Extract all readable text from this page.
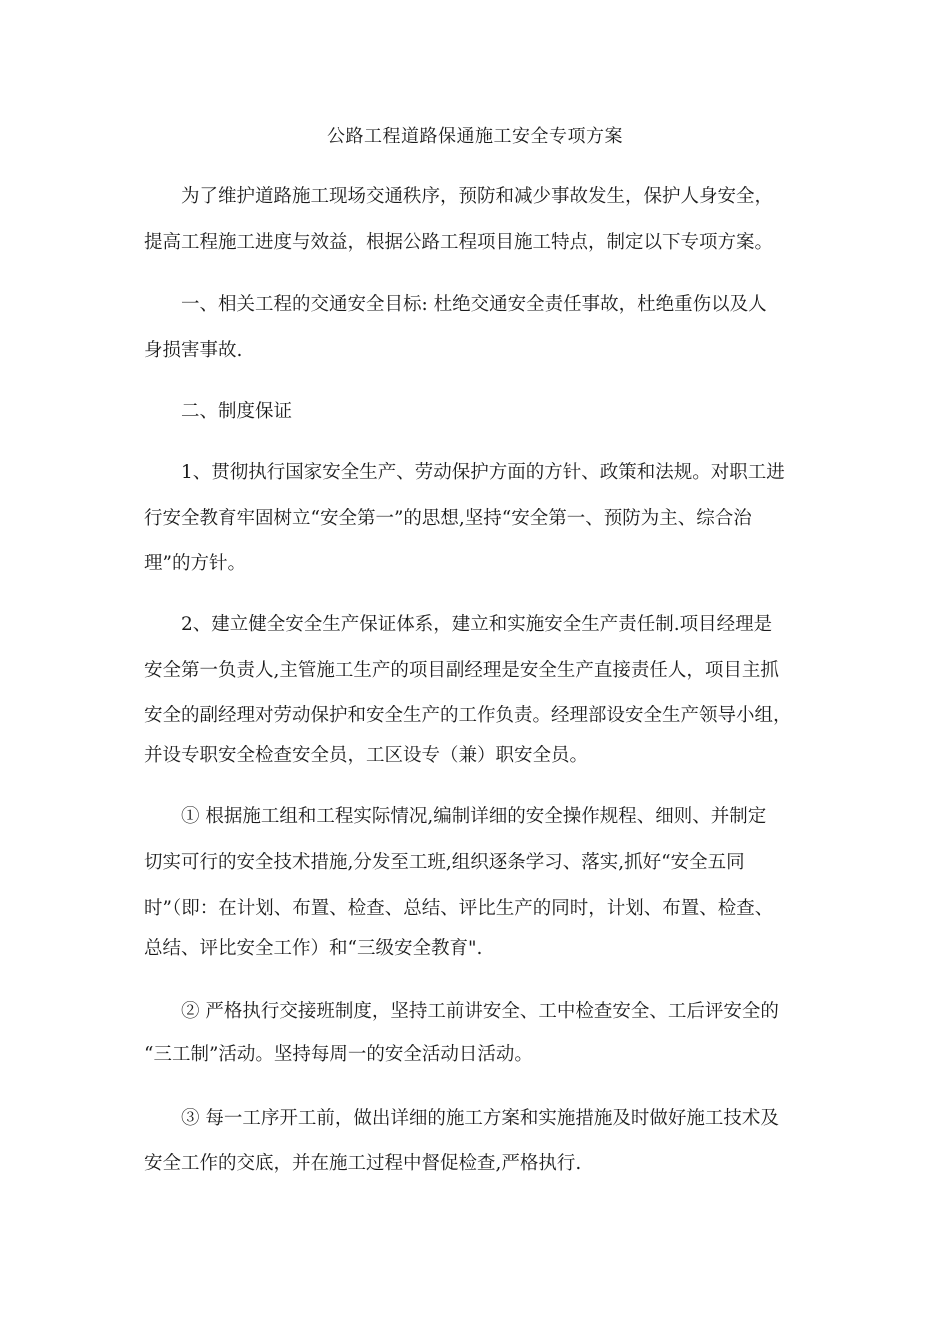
公路工程道路保通施工安全专项方案
为了维护道路施工现场交通秩序，预防和减少事故发生，保护人身安全，
提高工程施工进度与效益，根据公路工程项目施工特点，制定以下专项方案。
一、相关工程的交通安全目标: 杜绝交通安全责任事故，杜绝重伤以及人
身损害事故.
二、制度保证
1、贯彻执行国家安全生产、劳动保护方面的方针、政策和法规。对职工进
行安全教育牢固树立“安全第一”的思想,坚持“安全第一、预防为主、综合治
理”的方针。
2、建立健全安全生产保证体系，建立和实施安全生产责任制.项目经理是
安全第一负责人,主管施工生产的项目副经理是安全生产直接责任人，项目主抓
安全的副经理对劳动保护和安全生产的工作负责。经理部设安全生产领导小组，
并设专职安全检查安全员，工区设专（兼）职安全员。
① 根据施工组和工程实际情况,编制详细的安全操作规程、细则、并制定
切实可行的安全技术措施,分发至工班,组织逐条学习、落实,抓好“安全五同
时”（即：在计划、布置、检查、总结、评比生产的同时，计划、布置、检查、
总结、评比安全工作）和“三级安全教育".
② 严格执行交接班制度，坚持工前讲安全、工中检查安全、工后评安全的
“三工制”活动。坚持每周一的安全活动日活动。
③ 每一工序开工前，做出详细的施工方案和实施措施及时做好施工技术及
安全工作的交底，并在施工过程中督促检查,严格执行.
